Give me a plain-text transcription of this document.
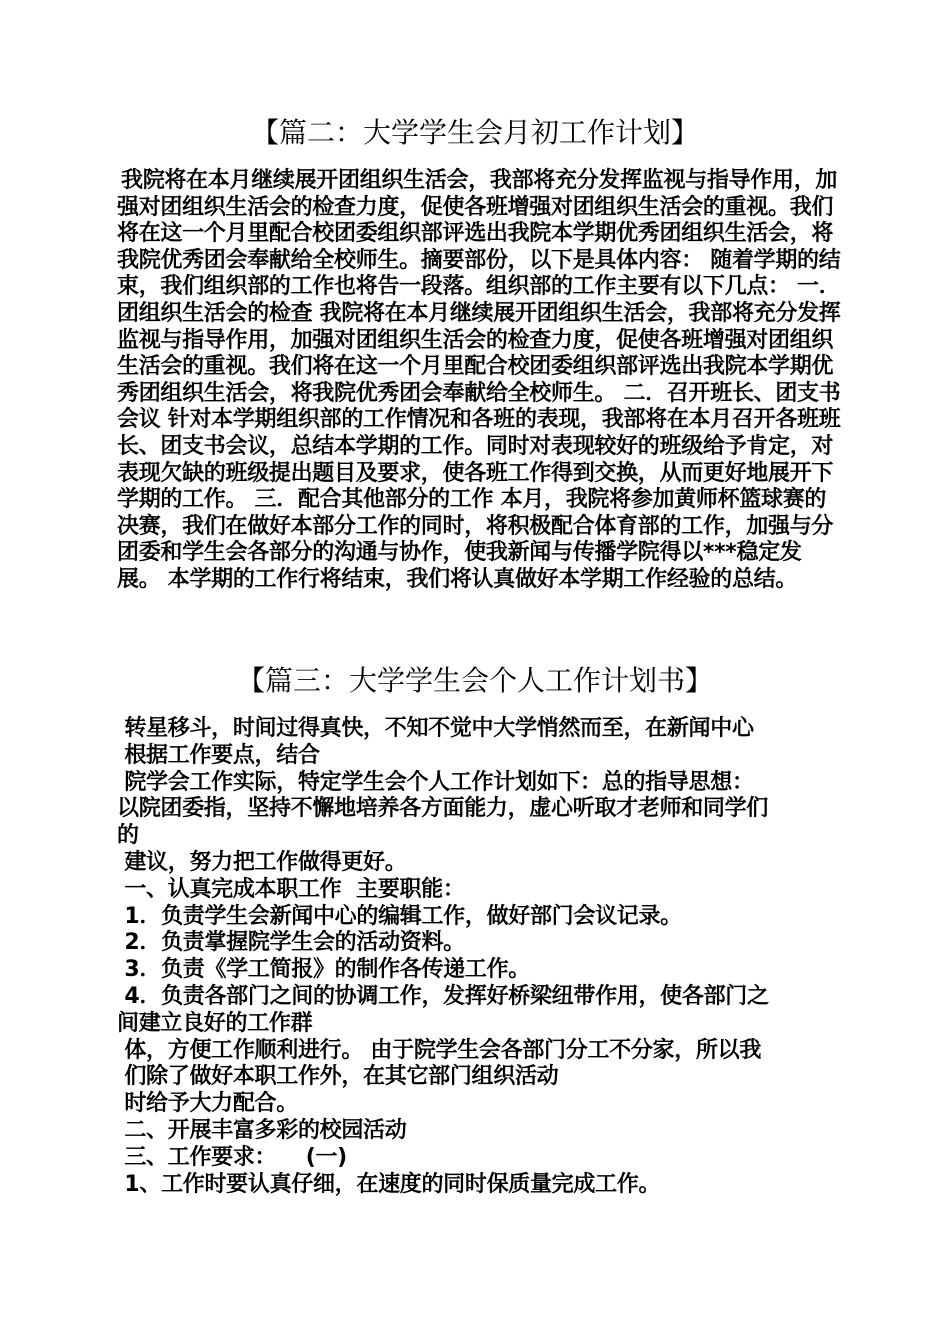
【篇二：大学学生会月初工作计划】

我院将在本月继续展开团组织生活会，我部将充分发挥监视与指导作用，加强对团组织生活会的检查力度，促使各班增强对团组织生活会的重视。我们将在这一个月里配合校团委组织部评选出我院本学期优秀团组织生活会，将我院优秀团会奉献给全校师生。摘要部份，以下是具体内容： 随着学期的结束，我们组织部的工作也将告一段落。组织部的工作主要有以下几点： 一．团组织生活会的检查 我院将在本月继续展开团组织生活会，我部将充分发挥监视与指导作用，加强对团组织生活会的检查力度，促使各班增强对团组织生活会的重视。我们将在这一个月里配合校团委组织部评选出我院本学期优秀团组织生活会，将我院优秀团会奉献给全校师生。 二．召开班长、团支书会议 针对本学期组织部的工作情况和各班的表现，我部将在本月召开各班班长、团支书会议，总结本学期的工作。同时对表现较好的班级给予肯定，对表现欠缺的班级提出题目及要求，使各班工作得到交换，从而更好地展开下学期的工作。 三．配合其他部分的工作 本月，我院将参加黄师杯篮球赛的决赛，我们在做好本部分工作的同时，将积极配合体育部的工作，加强与分团委和学生会各部分的沟通与协作，使我新闻与传播学院得以***稳定发展。 本学期的工作行将结束，我们将认真做好本学期工作经验的总结。

【篇三：大学学生会个人工作计划书】

转星移斗，时间过得真快，不知不觉中大学悄然而至，在新闻中心

根据工作要点，结合

院学会工作实际，特定学生会个人工作计划如下：总的指导思想：

以院团委指，坚持不懈地培养各方面能力，虚心听取才老师和同学们

的

建议，努力把工作做得更好。

一、认真完成本职工作  主要职能：

1．负责学生会新闻中心的编辑工作，做好部门会议记录。

2．负责掌握院学生会的活动资料。

3．负责《学工简报》的制作各传递工作。

4．负责各部门之间的协调工作，发挥好桥梁纽带作用，使各部门之

间建立良好的工作群

体，方便工作顺利进行。 由于院学生会各部门分工不分家，所以我

们除了做好本职工作外，在其它部门组织活动

时给予大力配合。

二、开展丰富多彩的校园活动

三、工作要求：    (一)

1、工作时要认真仔细，在速度的同时保质量完成工作。
